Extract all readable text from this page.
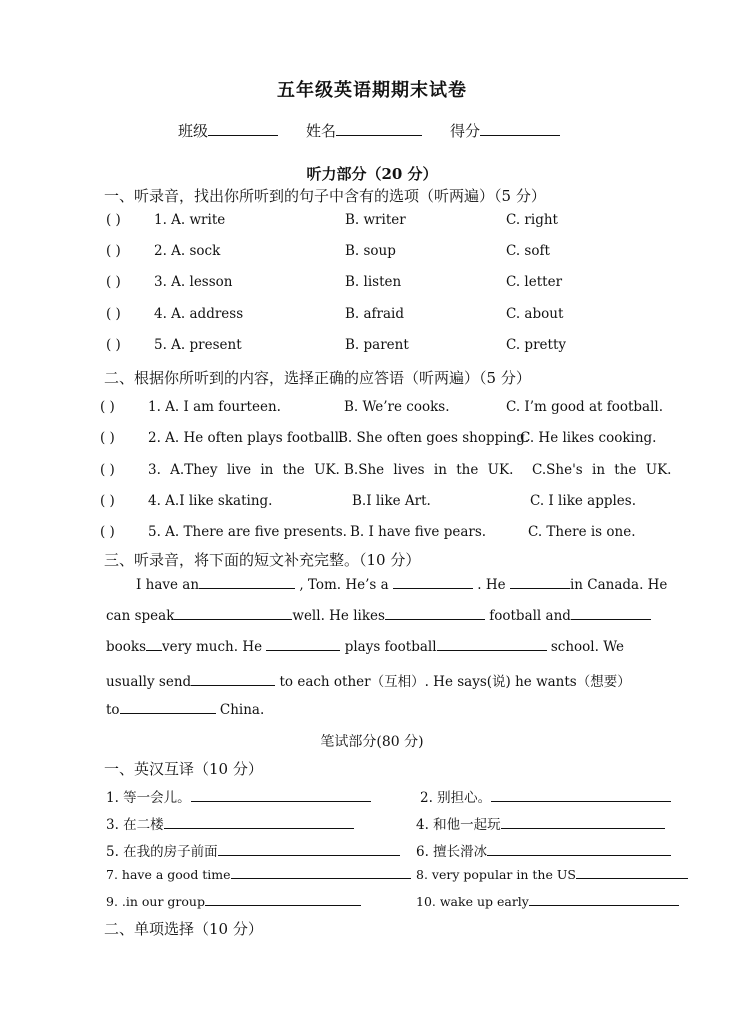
五年级英语期期末试卷
班级	姓名	得分
听力部分（20 分）
一、听录音，找出你所听到的句子中含有的选项（听两遍）（5 分）
( ) 1. A. write	B. writer	C. right
( ) 2. A. sock	B. soup	C. soft
( ) 3. A. lesson	B. listen	C. letter
( ) 4. A. address	B. afraid	C. about
( ) 5. A. present	B. parent	C. pretty
二、根据你所听到的内容，选择正确的应答语（听两遍）（5 分）
( ) 1. A. I am fourteen.	B. We’re cooks.	C. I’m good at football.
( ) 2. A. He often plays football.
B. She often goes shopping.
C. He likes cooking.
( ) 3. A.They live in the UK. B.She lives in the UK. C.She's in the UK.
( ) 4. A.I like skating.	B.I like Art.	C. I like apples.
( ) 5. A. There are five presents. B. I have five pears.	C. There is one.
三、听录音，将下面的短文补充完整。（10 分）
I have an	, Tom. He’s a	. He	in Canada. He
can speak	well. He likes	football and
books very much. He	plays football	school. We
usually send	to each other（互相）. He says(说) he wants（想要）
to	China.
笔试部分(80 分)
一、英汉互译（10 分）
1. 等一会儿。	2. 别担心。
3. 在二楼	4. 和他一起玩
5. 在我的房子前面	6. 擅长滑冰
7. have a good time	8. very popular in the US
9. .in our group	10. wake up early
二、单项选择（10 分）
